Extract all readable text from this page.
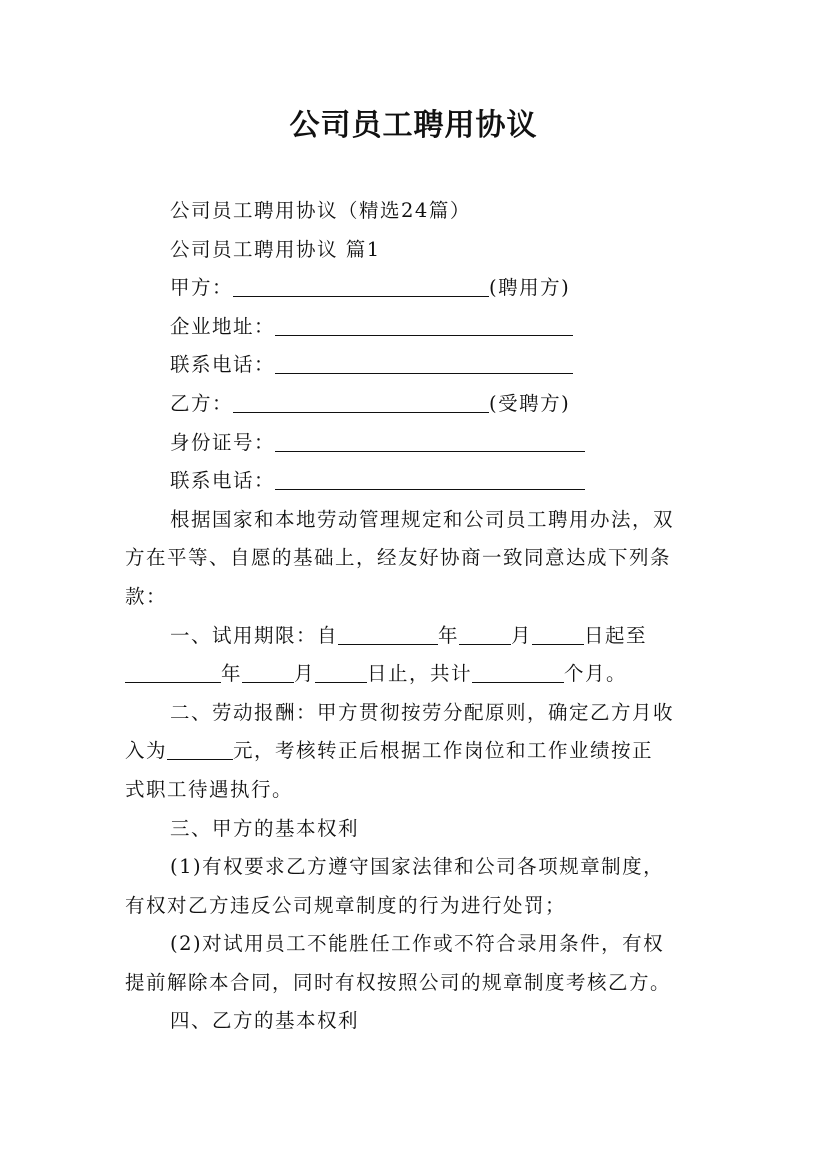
公司员工聘用协议

公司员工聘用协议（精选24篇）

公司员工聘用协议 篇1

甲方：	(聘用方)

企业地址：

联系电话：

乙方：	(受聘方)

身份证号：

联系电话：

根据国家和本地劳动管理规定和公司员工聘用办法，双

方在平等、自愿的基础上，经友好协商一致同意达成下列条

款：

一、试用期限：自	年	月	日起至

年	月	日止，共计	个月。

二、劳动报酬：甲方贯彻按劳分配原则，确定乙方月收

入为	元，考核转正后根据工作岗位和工作业绩按正

式职工待遇执行。

三、甲方的基本权利

(1)有权要求乙方遵守国家法律和公司各项规章制度，

有权对乙方违反公司规章制度的行为进行处罚；

(2)对试用员工不能胜任工作或不符合录用条件，有权

提前解除本合同，同时有权按照公司的规章制度考核乙方。

四、乙方的基本权利
